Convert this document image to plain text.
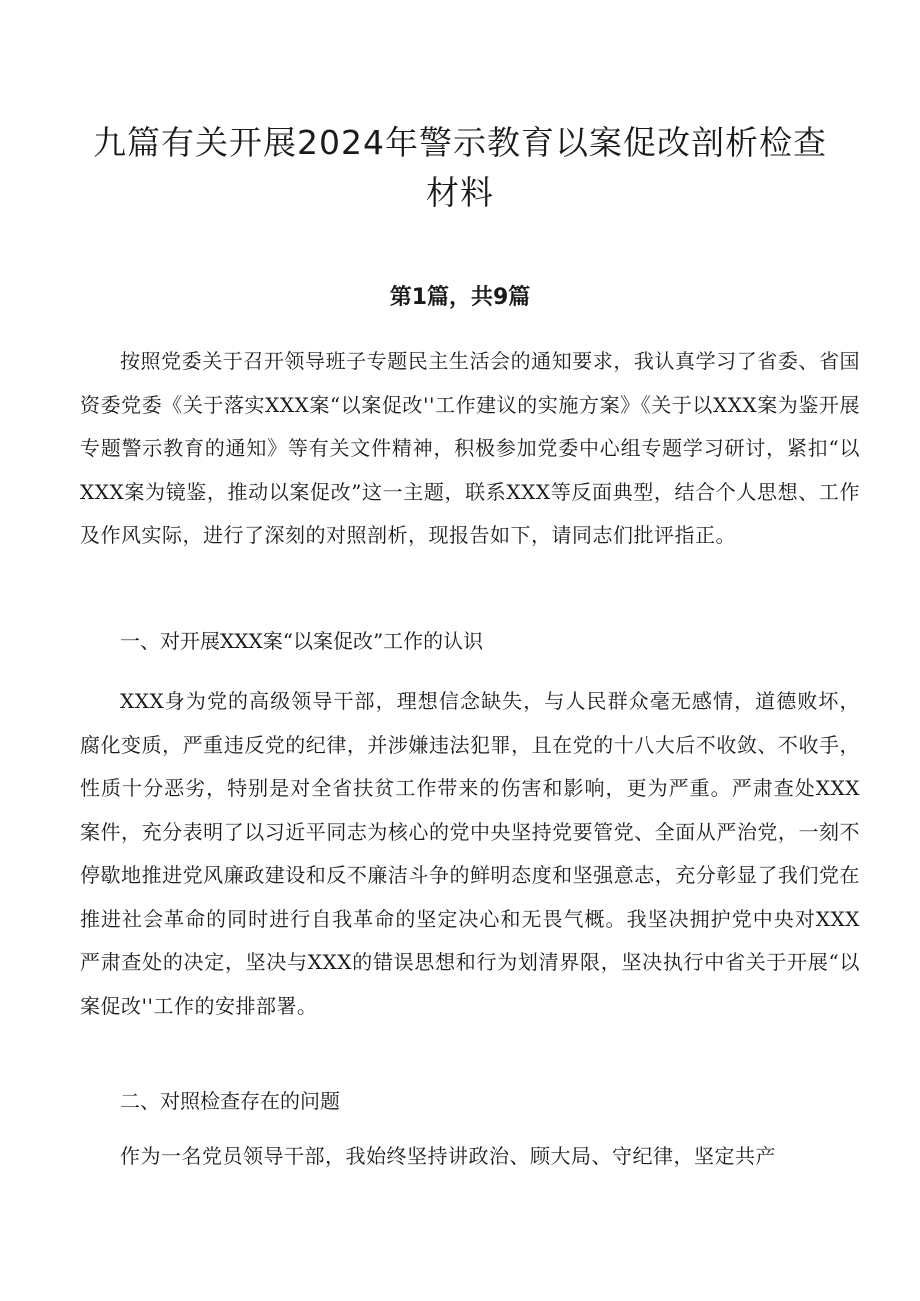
九篇有关开展2024年警示教育以案促改剖析检查材料
第1篇，共9篇

按照党委关于召开领导班子专题民主生活会的通知要求，我认真学习了省委、省国资委党委《关于落实XXX案“以案促改''工作建议的实施方案》《关于以XXX案为鉴开展专题警示教育的通知》等有关文件精神，积极参加党委中心组专题学习研讨，紧扣“以XXX案为镜鉴，推动以案促改”这一主题，联系XXX等反面典型，结合个人思想、工作及作风实际，进行了深刻的对照剖析，现报告如下，请同志们批评指正。

一、对开展XXX案“以案促改”工作的认识

XXX身为党的高级领导干部，理想信念缺失，与人民群众毫无感情，道德败坏，腐化变质，严重违反党的纪律，并涉嫌违法犯罪，且在党的十八大后不收敛、不收手，性质十分恶劣，特别是对全省扶贫工作带来的伤害和影响，更为严重。严肃查处XXX案件，充分表明了以习近平同志为核心的党中央坚持党要管党、全面从严治党，一刻不停歇地推进党风廉政建设和反不廉洁斗争的鲜明态度和坚强意志，充分彰显了我们党在推进社会革命的同时进行自我革命的坚定决心和无畏气概。我坚决拥护党中央对XXX严肃查处的决定，坚决与XXX的错误思想和行为划清界限，坚决执行中省关于开展“以案促改''工作的安排部署。

二、对照检查存在的问题

作为一名党员领导干部，我始终坚持讲政治、顾大局、守纪律，坚定共产
